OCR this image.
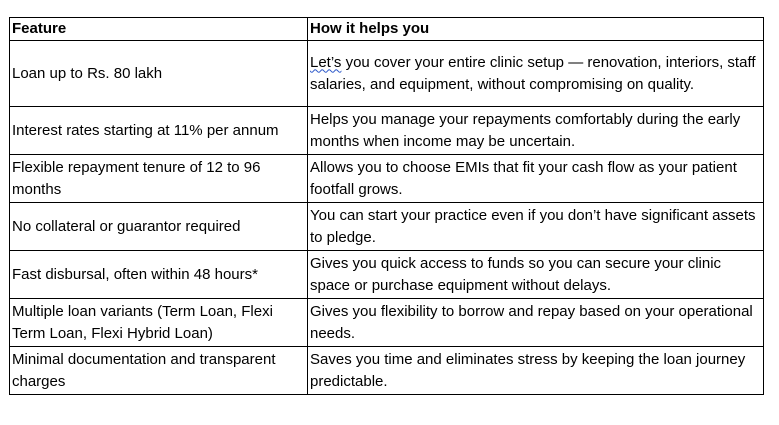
Feature	How it helps you
Loan up to Rs. 80 lakh	Let’s you cover your entire clinic setup — renovation, interiors, staff salaries, and equipment, without compromising on quality.
Interest rates starting at 11% per annum	Helps you manage your repayments comfortably during the early months when income may be uncertain.
Flexible repayment tenure of 12 to 96 months	Allows you to choose EMIs that fit your cash flow as your patient footfall grows.
No collateral or guarantor required	You can start your practice even if you don’t have significant assets to pledge.
Fast disbursal, often within 48 hours*	Gives you quick access to funds so you can secure your clinic space or purchase equipment without delays.
Multiple loan variants (Term Loan, Flexi Term Loan, Flexi Hybrid Loan)	Gives you flexibility to borrow and repay based on your operational needs.
Minimal documentation and transparent charges	Saves you time and eliminates stress by keeping the loan journey predictable.
